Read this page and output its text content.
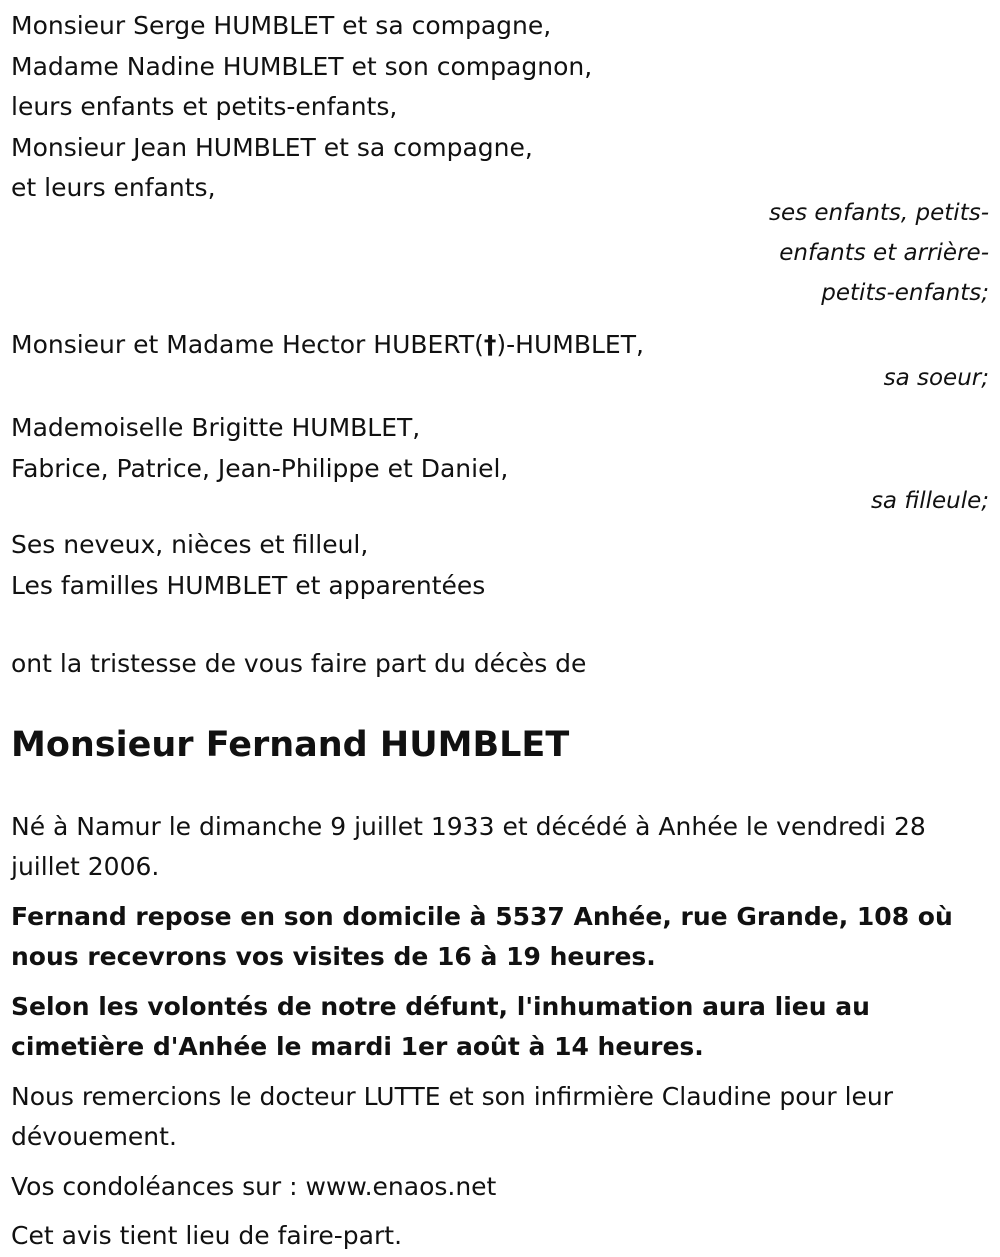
Monsieur Serge HUMBLET et sa compagne,

Madame Nadine HUMBLET et son compagnon,

leurs enfants et petits-enfants,

Monsieur Jean HUMBLET et sa compagne,

et leurs enfants,

ses enfants, petits-

enfants et arrière-

petits-enfants;

Monsieur et Madame Hector HUBERT(†)-HUMBLET,

sa soeur;

Mademoiselle Brigitte HUMBLET,

Fabrice, Patrice, Jean-Philippe et Daniel,

sa filleule;

Ses neveux, nièces et filleul,

Les familles HUMBLET et apparentées

ont la tristesse de vous faire part du décès de

Monsieur Fernand HUMBLET

Né à Namur le dimanche 9 juillet 1933 et décédé à Anhée le vendredi 28 juillet 2006.

Fernand repose en son domicile à 5537 Anhée, rue Grande, 108 où nous recevrons vos visites de 16 à 19 heures.

Selon les volontés de notre défunt, l'inhumation aura lieu au cimetière d'Anhée le mardi 1er août à 14 heures.

Nous remercions le docteur LUTTE et son infirmière Claudine pour leur dévouement.

Vos condoléances sur : www.enaos.net

Cet avis tient lieu de faire-part.
